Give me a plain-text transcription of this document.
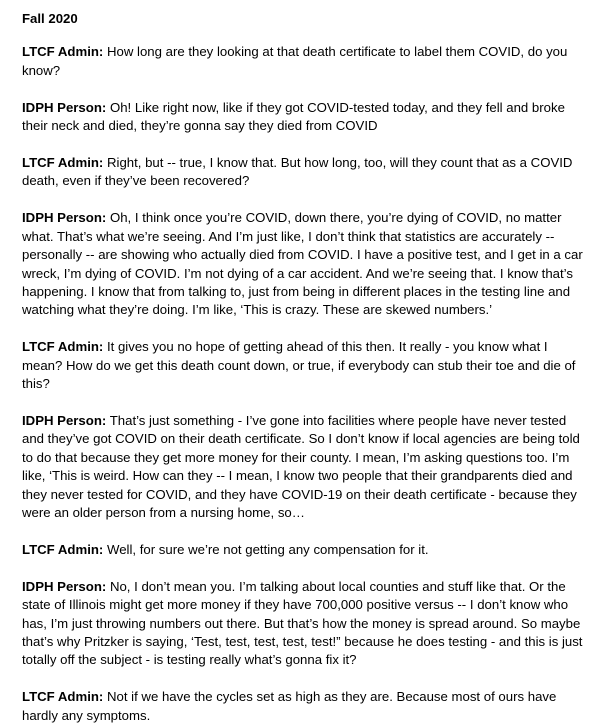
Fall 2020

LTCF Admin: How long are they looking at that death certificate to label them COVID, do you know?

IDPH Person: Oh! Like right now, like if they got COVID-tested today, and they fell and broke their neck and died, they’re gonna say they died from COVID

LTCF Admin: Right, but -- true, I know that. But how long, too, will they count that as a COVID death, even if they’ve been recovered?

IDPH Person: Oh, I think once you’re COVID, down there, you’re dying of COVID, no matter what. That’s what we’re seeing. And I’m just like, I don’t think that statistics are accurately -- personally -- are showing who actually died from COVID. I have a positive test, and I get in a car wreck, I’m dying of COVID. I’m not dying of a car accident. And we’re seeing that. I know that’s happening. I know that from talking to, just from being in different places in the testing line and watching what they’re doing. I’m like, ‘This is crazy. These are skewed numbers.’

LTCF Admin: It gives you no hope of getting ahead of this then. It really - you know what I mean? How do we get this death count down, or true, if everybody can stub their toe and die of this?

IDPH Person: That’s just something - I’ve gone into facilities where people have never tested and they’ve got COVID on their death certificate. So I don’t know if local agencies are being told to do that because they get more money for their county. I mean, I’m asking questions too. I’m like, ‘This is weird. How can they -- I mean, I know two people that their grandparents died and they never tested for COVID, and they have COVID-19 on their death certificate - because they were an older person from a nursing home, so…

LTCF Admin: Well, for sure we’re not getting any compensation for it.

IDPH Person: No, I don’t mean you. I’m talking about local counties and stuff like that. Or the state of Illinois might get more money if they have 700,000 positive versus -- I don’t know who has, I’m just throwing numbers out there. But that’s how the money is spread around. So maybe that’s why Pritzker is saying, ‘Test, test, test, test, test!” because he does testing - and this is just totally off the subject - is testing really what’s gonna fix it?

LTCF Admin: Not if we have the cycles set as high as they are. Because most of ours have hardly any symptoms.
